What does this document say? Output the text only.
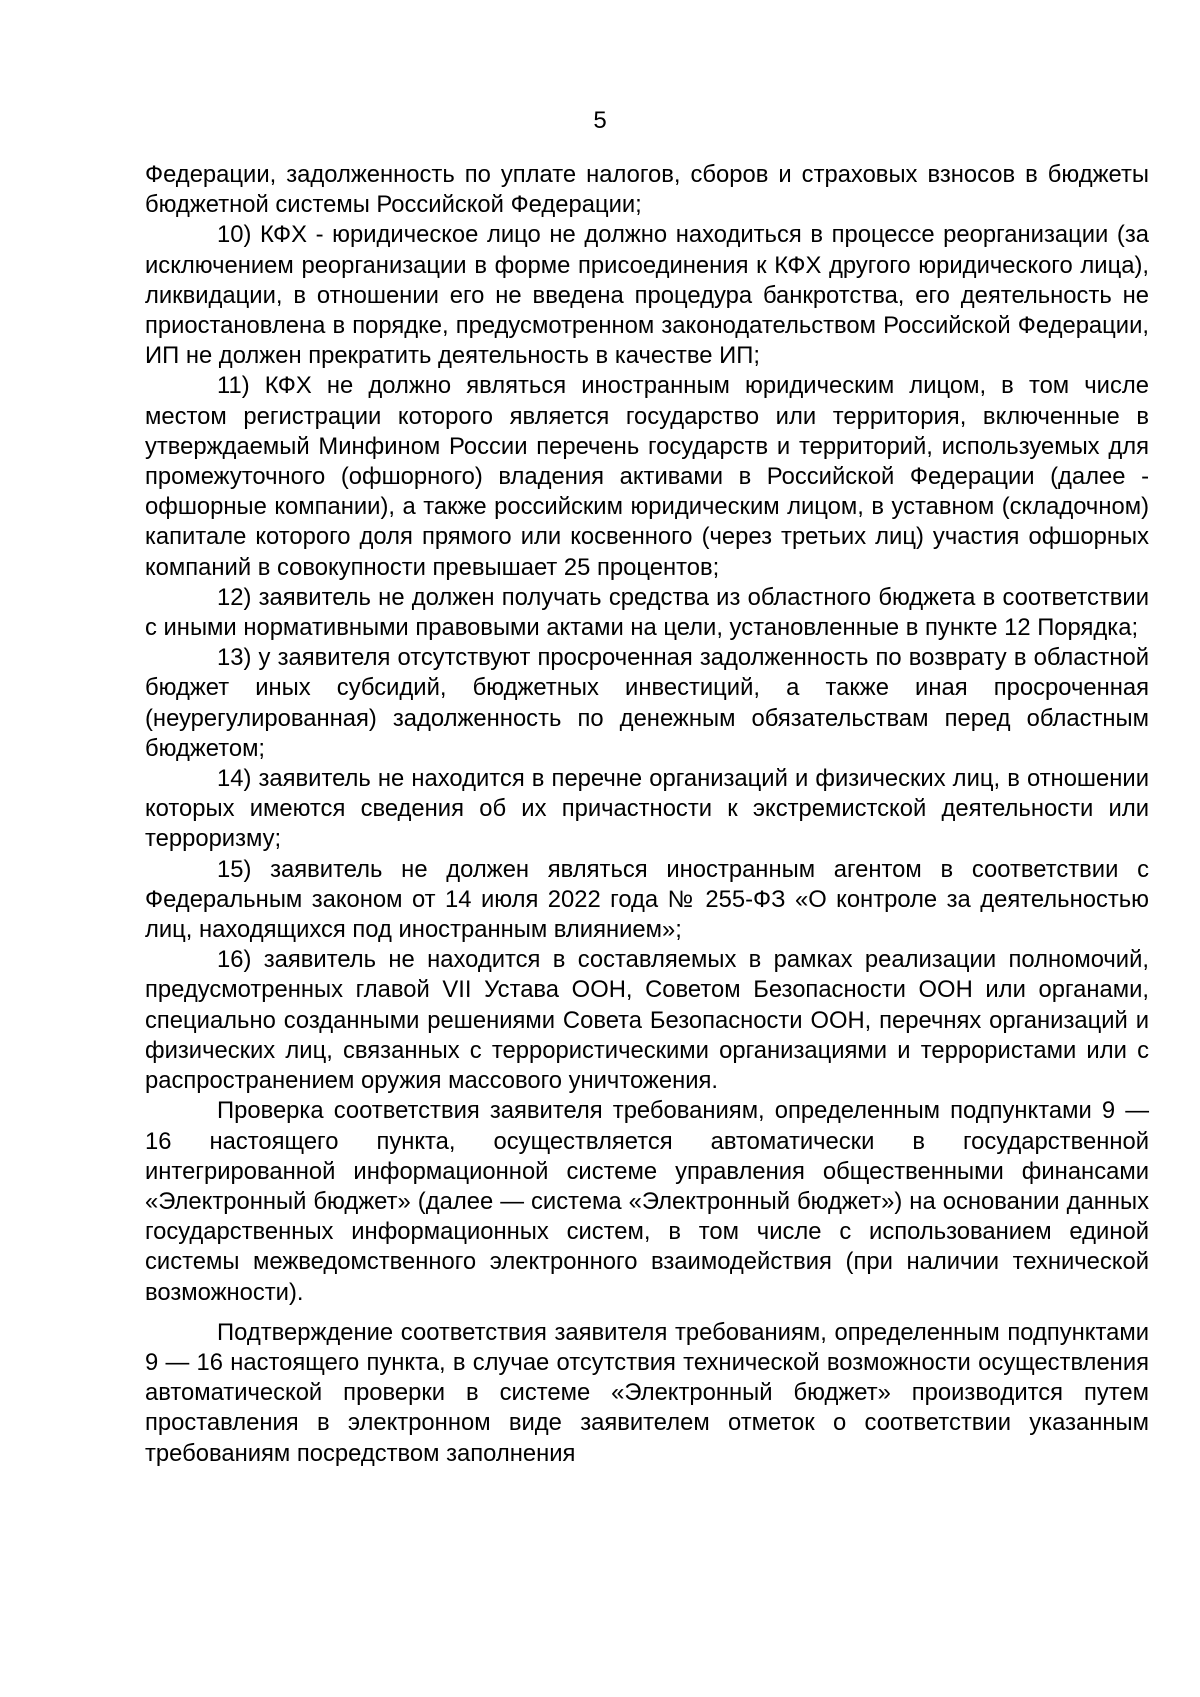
5

Федерации, задолженность по уплате налогов, сборов и страховых взносов в бюджеты бюджетной системы Российской Федерации;

10) КФХ - юридическое лицо не должно находиться в процессе реорганизации (за исключением реорганизации в форме присоединения к КФХ другого юридического лица), ликвидации, в отношении его не введена процедура банкротства, его деятельность не приостановлена в порядке, предусмотренном законодательством Российской Федерации, ИП не должен прекратить деятельность в качестве ИП;

11) КФХ не должно являться иностранным юридическим лицом, в том числе местом регистрации которого является государство или территория, включенные в утверждаемый Минфином России перечень государств и территорий, используемых для промежуточного (офшорного) владения активами в Российской Федерации (далее - офшорные компании), а также российским юридическим лицом, в уставном (складочном) капитале которого доля прямого или косвенного (через третьих лиц) участия офшорных компаний в совокупности превышает 25 процентов;

12) заявитель не должен получать средства из областного бюджета в соответствии с иными нормативными правовыми актами на цели, установленные в пункте 12 Порядка;

13) у заявителя отсутствуют просроченная задолженность по возврату в областной бюджет иных субсидий, бюджетных инвестиций, а также иная просроченная (неурегулированная) задолженность по денежным обязательствам перед областным бюджетом;

14) заявитель не находится в перечне организаций и физических лиц, в отношении которых имеются сведения об их причастности к экстремистской деятельности или терроризму;

15) заявитель не должен являться иностранным агентом в соответствии с Федеральным законом от 14 июля 2022 года № 255-ФЗ «О контроле за деятельностью лиц, находящихся под иностранным влиянием»;

16) заявитель не находится в составляемых в рамках реализации полномочий, предусмотренных главой VII Устава ООН, Советом Безопасности ООН или органами, специально созданными решениями Совета Безопасности ООН, перечнях организаций и физических лиц, связанных с террористическими организациями и террористами или с распространением оружия массового уничтожения.

Проверка соответствия заявителя требованиям, определенным подпунктами 9 — 16 настоящего пункта, осуществляется автоматически в государственной интегрированной информационной системе управления общественными финансами «Электронный бюджет» (далее — система «Электронный бюджет») на основании данных государственных информационных систем, в том числе с использованием единой системы межведомственного электронного взаимодействия (при наличии технической возможности).

Подтверждение соответствия заявителя требованиям, определенным подпунктами 9 — 16 настоящего пункта, в случае отсутствия технической возможности осуществления автоматической проверки в системе «Электронный бюджет» производится путем проставления в электронном виде заявителем отметок о соответствии указанным требованиям посредством заполнения
